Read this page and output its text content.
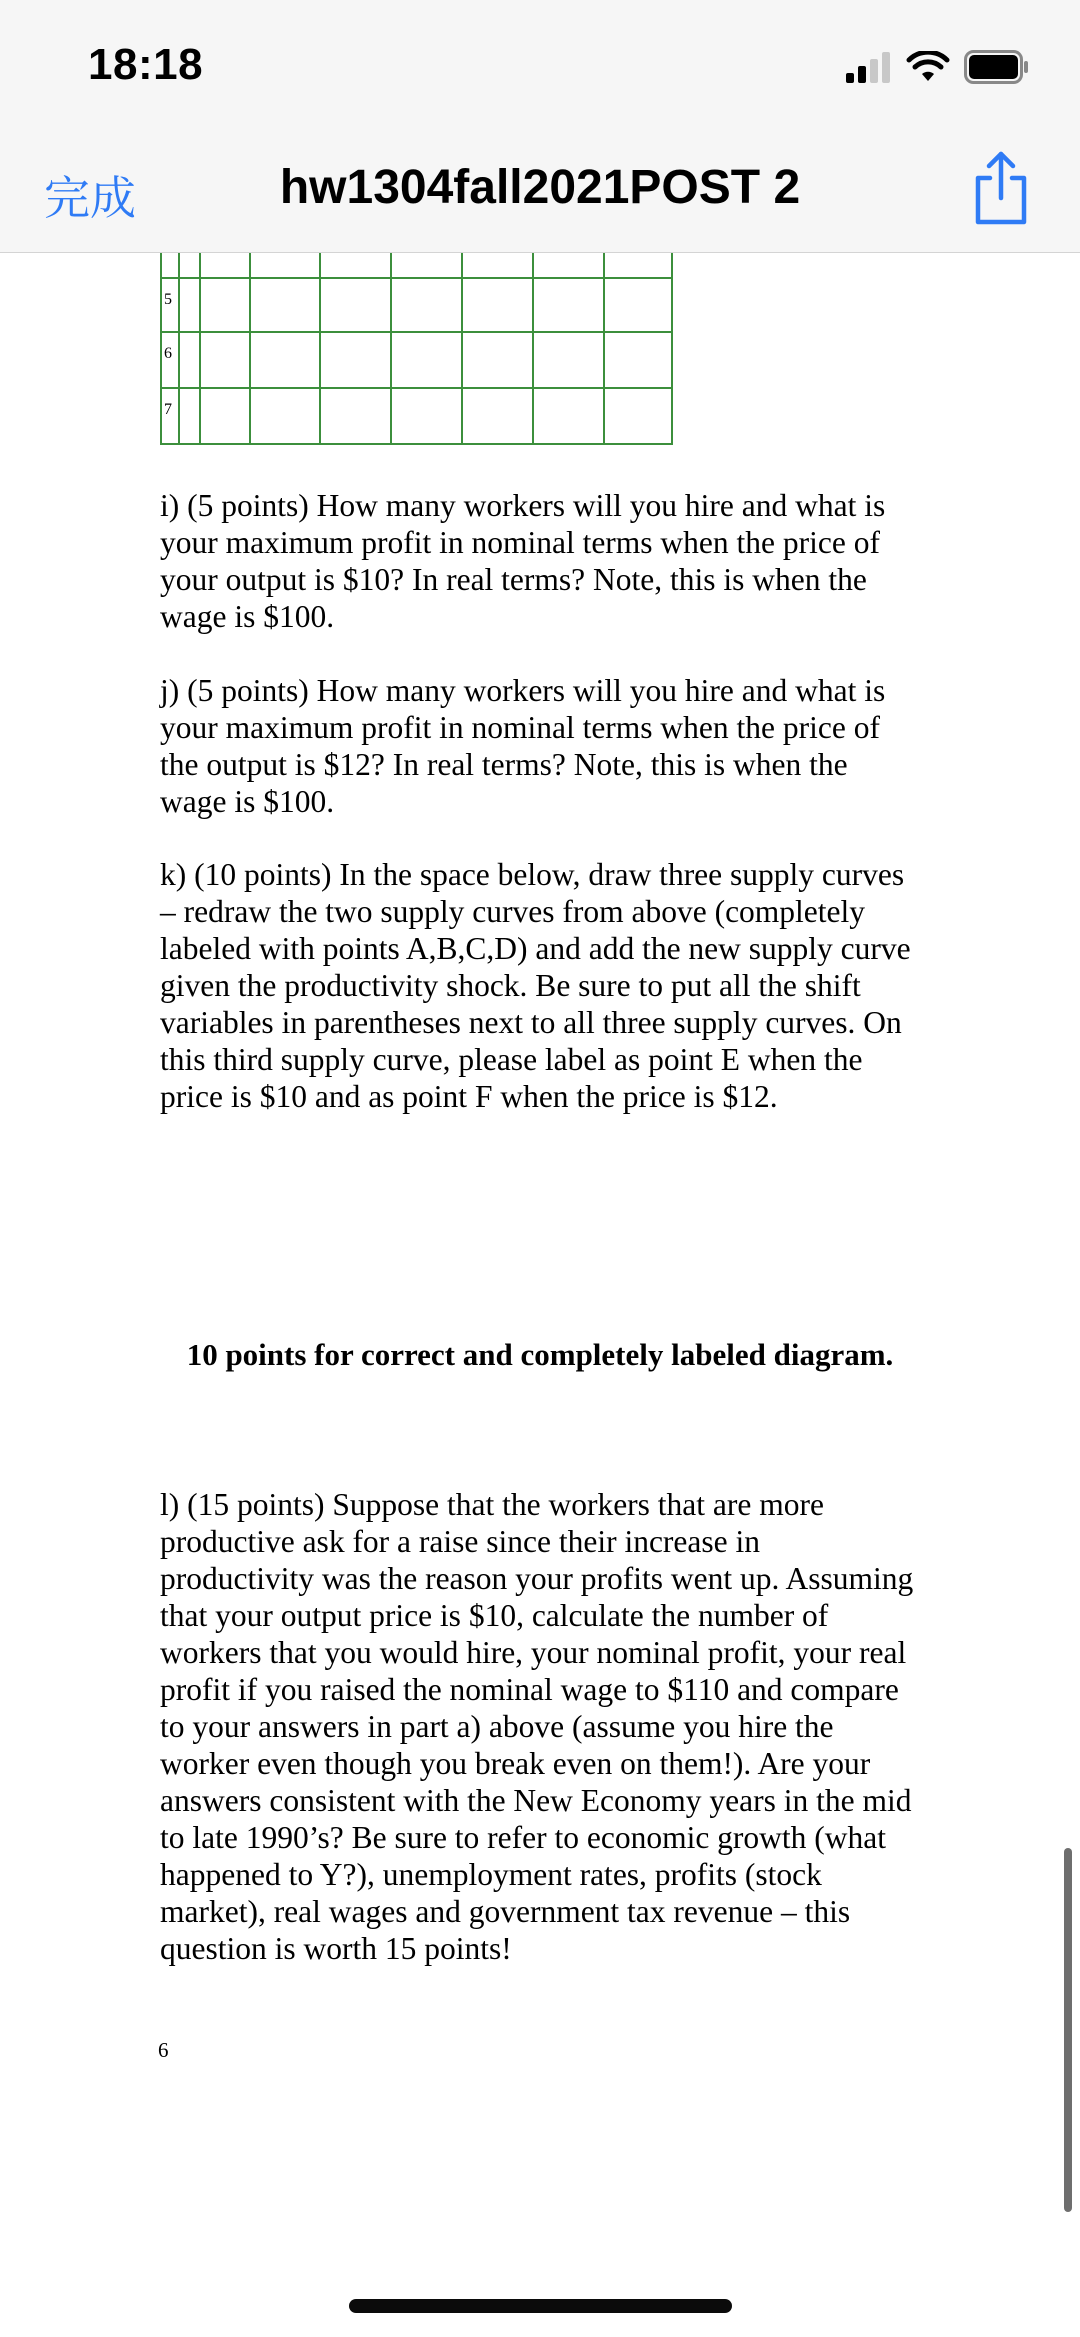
5
6
7
i) (5 points) How many workers will you hire and what is
your maximum profit in nominal terms when the price of
your output is $10? In real terms? Note, this is when the
wage is $100.
j) (5 points) How many workers will you hire and what is
your maximum profit in nominal terms when the price of
the output is $12? In real terms? Note, this is when the
wage is $100.
k) (10 points) In the space below, draw three supply curves
– redraw the two supply curves from above (completely
labeled with points A,B,C,D) and add the new supply curve
given the productivity shock. Be sure to put all the shift
variables in parentheses next to all three supply curves. On
this third supply curve, please label as point E when the
price is $10 and as point F when the price is $12.
10 points for correct and completely labeled diagram.
l) (15 points) Suppose that the workers that are more
productive ask for a raise since their increase in
productivity was the reason your profits went up. Assuming
that your output price is $10, calculate the number of
workers that you would hire, your nominal profit, your real
profit if you raised the nominal wage to $110 and compare
to your answers in part a) above (assume you hire the
worker even though you break even on them!). Are your
answers consistent with the New Economy years in the mid
to late 1990’s? Be sure to refer to economic growth (what
happened to Y?), unemployment rates, profits (stock
market), real wages and government tax revenue – this
question is worth 15 points!
6
18:18
完成	hw1304fall2021POST 2
